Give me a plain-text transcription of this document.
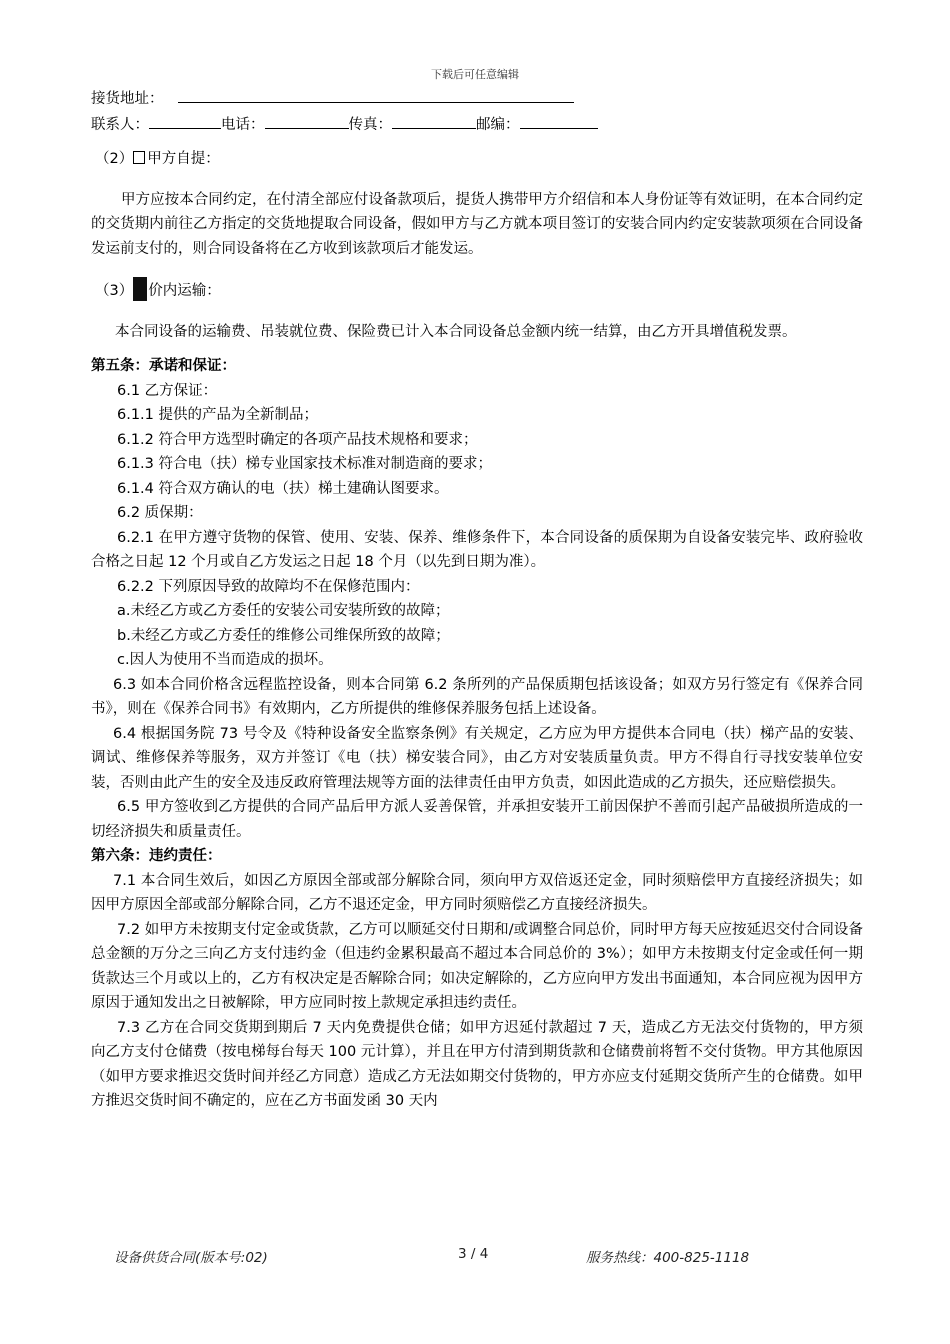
下载后可任意编辑
接货地址：
联系人：	电话：	传真：	邮编：
（2） 甲方自提：

甲方应按本合同约定，在付清全部应付设备款项后，提货人携带甲方介绍信和本人身份证等有效证明，在本合同约定的交货期内前往乙方指定的交货地提取合同设备，假如甲方与乙方就本项目签订的安装合同内约定安装款项须在合同设备发运前支付的，则合同设备将在乙方收到该款项后才能发运。

（3） 价内运输：

本合同设备的运输费、吊装就位费、保险费已计入本合同设备总金额内统一结算，由乙方开具增值税发票。

第五条：承诺和保证：
6.1 乙方保证：
6.1.1 提供的产品为全新制品；
6.1.2 符合甲方选型时确定的各项产品技术规格和要求；
6.1.3 符合电（扶）梯专业国家技术标准对制造商的要求；
6.1.4 符合双方确认的电（扶）梯土建确认图要求。
6.2 质保期：

6.2.1 在甲方遵守货物的保管、使用、安装、保养、维修条件下，本合同设备的质保期为自设备安装完毕、政府验收合格之日起 12 个月或自乙方发运之日起 18 个月（以先到日期为准）。

6.2.2 下列原因导致的故障均不在保修范围内：
a.未经乙方或乙方委任的安装公司安装所致的故障；
b.未经乙方或乙方委任的维修公司维保所致的故障；
c.因人为使用不当而造成的损坏。

6.3 如本合同价格含远程监控设备，则本合同第 6.2 条所列的产品保质期包括该设备；如双方另行签定有《保养合同书》，则在《保养合同书》有效期内，乙方所提供的维修保养服务包括上述设备。

6.4 根据国务院 73 号令及《特种设备安全监察条例》有关规定，乙方应为甲方提供本合同电（扶）梯产品的安装、调试、维修保养等服务，双方并签订《电（扶）梯安装合同》，由乙方对安装质量负责。甲方不得自行寻找安装单位安装，否则由此产生的安全及违反政府管理法规等方面的法律责任由甲方负责，如因此造成的乙方损失，还应赔偿损失。

6.5 甲方签收到乙方提供的合同产品后甲方派人妥善保管，并承担安装开工前因保护不善而引起产品破损所造成的一切经济损失和质量责任。

第六条：违约责任：

7.1 本合同生效后，如因乙方原因全部或部分解除合同，须向甲方双倍返还定金，同时须赔偿甲方直接经济损失；如因甲方原因全部或部分解除合同，乙方不退还定金，甲方同时须赔偿乙方直接经济损失。

7.2 如甲方未按期支付定金或货款，乙方可以顺延交付日期和/或调整合同总价，同时甲方每天应按延迟交付合同设备总金额的万分之三向乙方支付违约金（但违约金累积最高不超过本合同总价的 3%）；如甲方未按期支付定金或任何一期货款达三个月或以上的，乙方有权决定是否解除合同；如决定解除的，乙方应向甲方发出书面通知，本合同应视为因甲方原因于通知发出之日被解除，甲方应同时按上款规定承担违约责任。

7.3 乙方在合同交货期到期后 7 天内免费提供仓储；如甲方迟延付款超过 7 天，造成乙方无法交付货物的，甲方须向乙方支付仓储费（按电梯每台每天 100 元计算），并且在甲方付清到期货款和仓储费前将暂不交付货物。甲方其他原因（如甲方要求推迟交货时间并经乙方同意）造成乙方无法如期交付货物的，甲方亦应支付延期交货所产生的仓储费。如甲方推迟交货时间不确定的，应在乙方书面发函 30 天内

设备供货合同(版本号:02)	3 / 4	服务热线：400-825-1118
